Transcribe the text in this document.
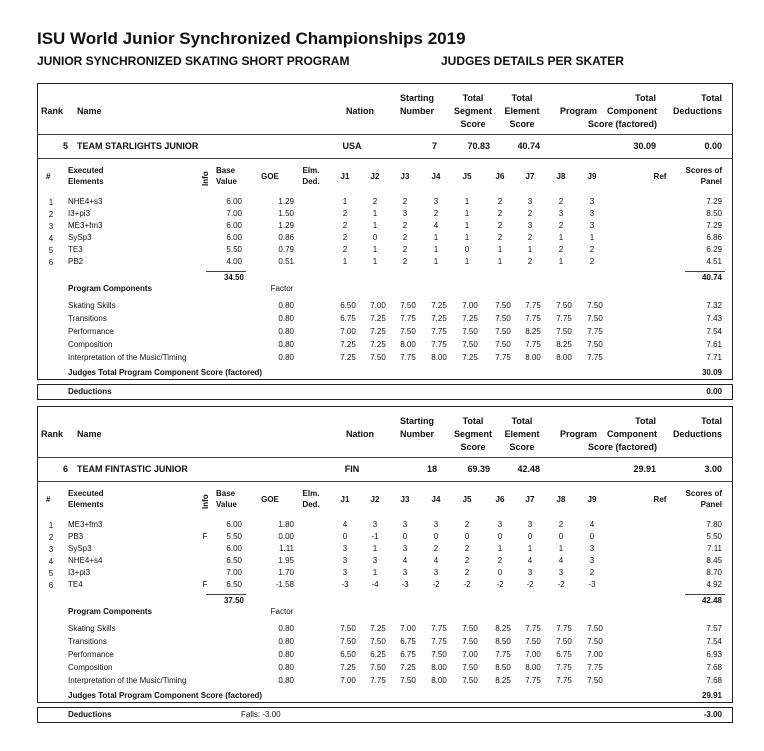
ISU World Junior Synchronized Championships 2019
JUNIOR SYNCHRONIZED SKATING SHORT PROGRAM	JUDGES DETAILS PER SKATER
Rank Name	Nation
Starting
Number
Total
Segment
Score
Total
Element
Score
Total
Program	Component
Score (factored)
Total
Deductions
5 TEAM STARLIGHTS JUNIOR	USA	7	70.83	40.74	30.09	0.00
#
Executed
Elements	Info
Base
Value
GOE
Elm.
Ded.
J1	J2	J3	J4	J5	J6	J7	J8	J9	Ref
Scores of
Panel
1	NHE4+s3	6.00	1.29	1	2	2	3	1	2	3	2	3	7.29
2	I3+pi3	7.00	1.50	2	1	3	2	1	2	2	3	3	8.50
3	ME3+fm3	6.00	1.29	2	1	2	4	1	2	3	2	3	7.29
4	SySp3	6.00	0.86	2	0	2	1	1	2	2	1	1	6.86
5	TE3	5.50	0.79	2	1	2	1	0	1	1	2	2	6.29
6	PB2	4.00	0.51	1	1	2	1	1	1	2	1	2	4.51
34.50	40.74
Program Components	Factor
Skating Skills	0.80	6.50	7.00	7.50	7.25	7.00	7.50	7.75	7.50	7.50	7.32
Transitions	0.80	6.75	7.25	7.75	7.25	7.25	7.50	7.75	7.75	7.50	7.43
Performance	0.80	7.00	7.25	7.50	7.75	7.50	7.50	8.25	7.50	7.75	7.54
Composition	0.80	7.25	7.25	8.00	7.75	7.50	7.50	7.75	8.25	7.50	7.61
Interpretation of the Music/Timing	0.80	7.25	7.50	7.75	8.00	7.25	7.75	8.00	8.00	7.75	7.71
Judges Total Program Component Score (factored)	30.09
Deductions	0.00
Rank Name	Nation
Starting
Number
Total
Segment
Score
Total
Element
Score
Total
Program	Component
Score (factored)
Total
Deductions
6 TEAM FINTASTIC JUNIOR	FIN	18	69.39	42.48	29.91	3.00
#
Executed
Elements	Info
Base
Value
GOE
Elm.
Ded.
J1	J2	J3	J4	J5	J6	J7	J8	J9	Ref
Scores of
Panel
1	ME3+fm3	6.00	1.80	4	3	3	3	2	3	3	2	4	7.80
2	PB3	F	5.50	0.00	0	-1	0	0	0	0	0	0	0	5.50
3	SySp3	6.00	1.11	3	1	3	2	2	1	1	1	3	7.11
4	NHE4+s4	6.50	1.95	3	3	4	4	2	2	4	4	3	8.45
5	I3+pi3	7.00	1.70	3	1	3	3	2	0	3	3	2	8.70
6	TE4	F	6.50	-1.58	-3	-4	-3	-2	-2	-2	-2	-2	-3	4.92
37.50	42.48
Program Components	Factor
Skating Skills	0.80	7.50	7.25	7.00	7.75	7.50	8.25	7.75	7.75	7.50	7.57
Transitions	0.80	7.50	7.50	6.75	7.75	7.50	8.50	7.50	7.50	7.50	7.54
Performance	0.80	6.50	6.25	6.75	7.50	7.00	7.75	7.00	6.75	7.00	6.93
Composition	0.80	7.25	7.50	7.25	8.00	7.50	8.50	8.00	7.75	7.75	7.68
Interpretation of the Music/Timing	0.80	7.00	7.75	7.50	8.00	7.50	8.25	7.75	7.75	7.50	7.68
Judges Total Program Component Score (factored)	29.91
Deductions	Falls: -3.00	-3.00
